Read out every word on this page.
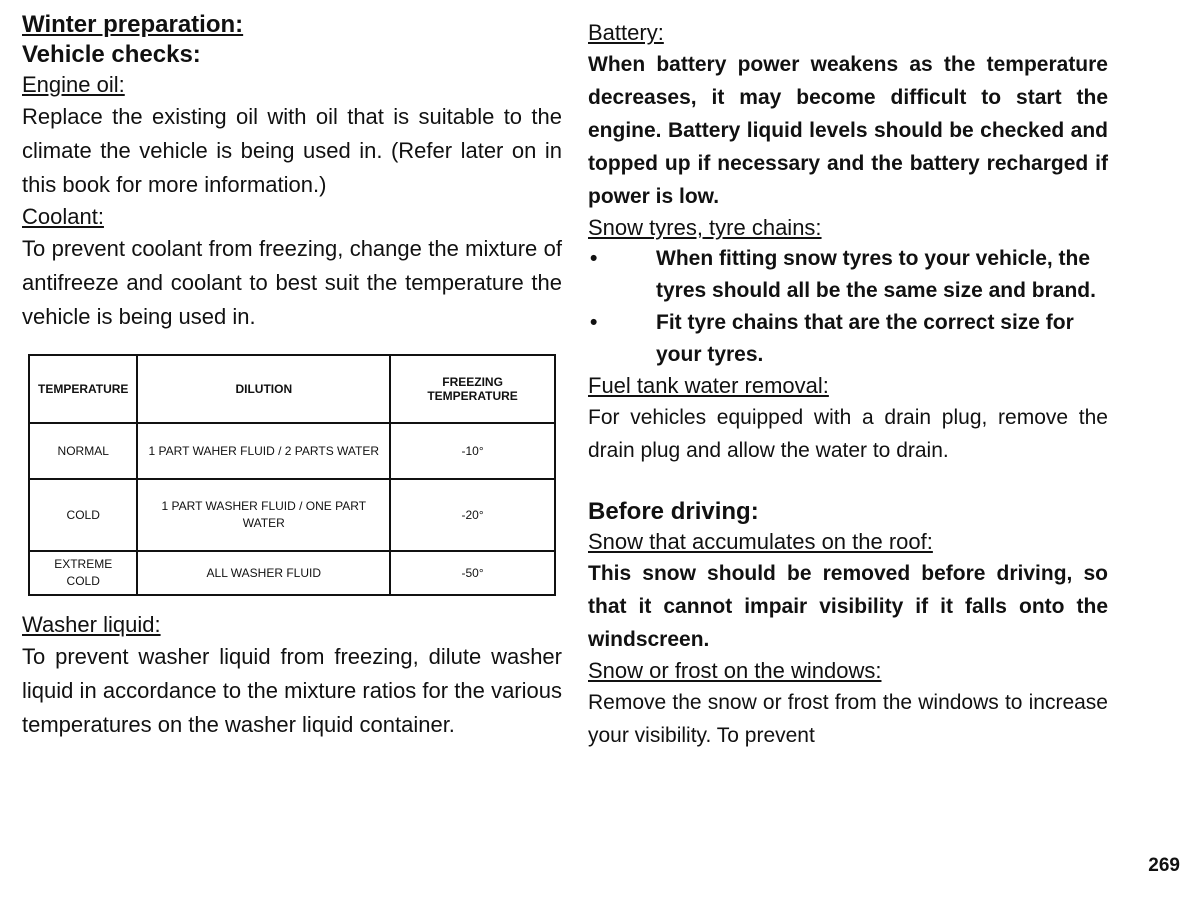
Winter preparation:
Vehicle checks:
Engine oil:
Replace the existing oil with oil that is suitable to the climate the vehicle is being used in. (Refer later on in this book for more information.)
Coolant:
To prevent coolant from freezing, change the mixture of antifreeze and coolant to best suit the temperature the vehicle is being used in.
TEMPERATURE	DILUTION	FREEZING TEMPERATURE
NORMAL	1 PART WAHER FLUID / 2 PARTS WATER	-10°
COLD	1 PART WASHER FLUID / ONE PART WATER	-20°
EXTREME COLD	ALL WASHER FLUID	-50°
Washer liquid:
To prevent washer liquid from freezing, dilute washer liquid in accordance to the mixture ratios for the various temperatures on the washer liquid container.
Battery:
When battery power weakens as the temperature decreases, it may become difficult to start the engine. Battery liquid levels should be checked and topped up if necessary and the battery recharged if power is low.
Snow tyres, tyre chains:
•	When fitting snow tyres to your vehicle, the tyres should all be the same size and brand.
•	Fit tyre chains that are the correct size for your tyres.
Fuel tank water removal:
For vehicles equipped with a drain plug, remove the drain plug and allow the water to drain.
Before driving:
Snow that accumulates on the roof:
This snow should be removed before driving, so that it cannot impair visibility if it falls onto the windscreen.
Snow or frost on the windows:
Remove the snow or frost from the windows to increase your visibility. To prevent
269
